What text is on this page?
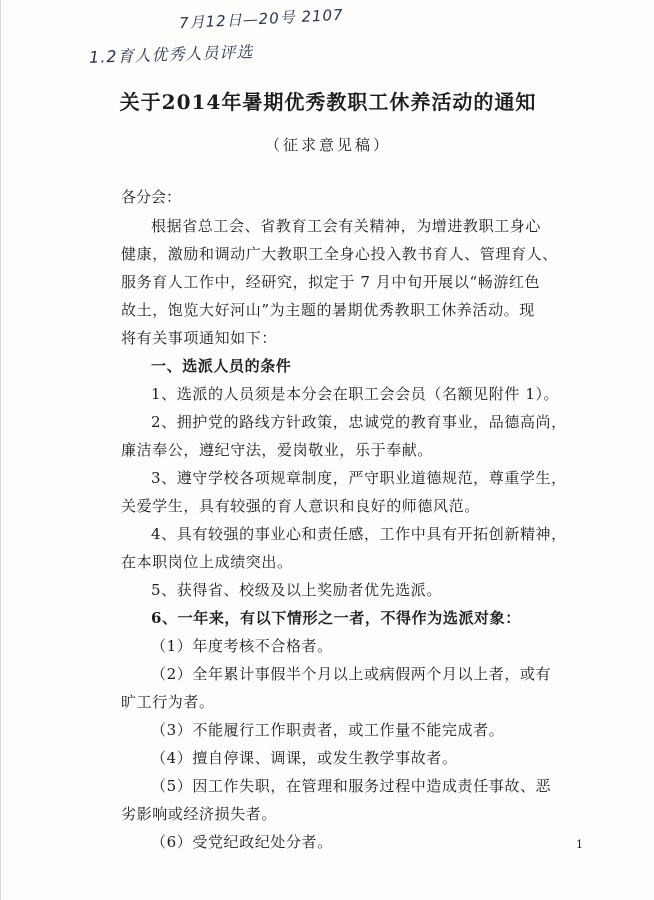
7月12日—20号 2107
1.2育人优秀人员评选
关于2014年暑期优秀教职工休养活动的通知
（征求意见稿）
各分会：
根据省总工会、省教育工会有关精神，为增进教职工身心
健康，激励和调动广大教职工全身心投入教书育人、管理育人、
服务育人工作中，经研究，拟定于 7 月中旬开展以“畅游红色
故土，饱览大好河山”为主题的暑期优秀教职工休养活动。现
将有关事项通知如下：
一、选派人员的条件
1、选派的人员须是本分会在职工会会员（名额见附件 1）。
2、拥护党的路线方针政策，忠诚党的教育事业，品德高尚，
廉洁奉公，遵纪守法，爱岗敬业，乐于奉献。
3、遵守学校各项规章制度，严守职业道德规范，尊重学生，
关爱学生，具有较强的育人意识和良好的师德风范。
4、具有较强的事业心和责任感，工作中具有开拓创新精神，
在本职岗位上成绩突出。
5、获得省、校级及以上奖励者优先选派。
6、一年来，有以下情形之一者，不得作为选派对象：
（1）年度考核不合格者。
（2）全年累计事假半个月以上或病假两个月以上者，或有
旷工行为者。
（3）不能履行工作职责者，或工作量不能完成者。
（4）擅自停课、调课，或发生教学事故者。
（5）因工作失职，在管理和服务过程中造成责任事故、恶
劣影响或经济损失者。
（6）受党纪政纪处分者。	1
